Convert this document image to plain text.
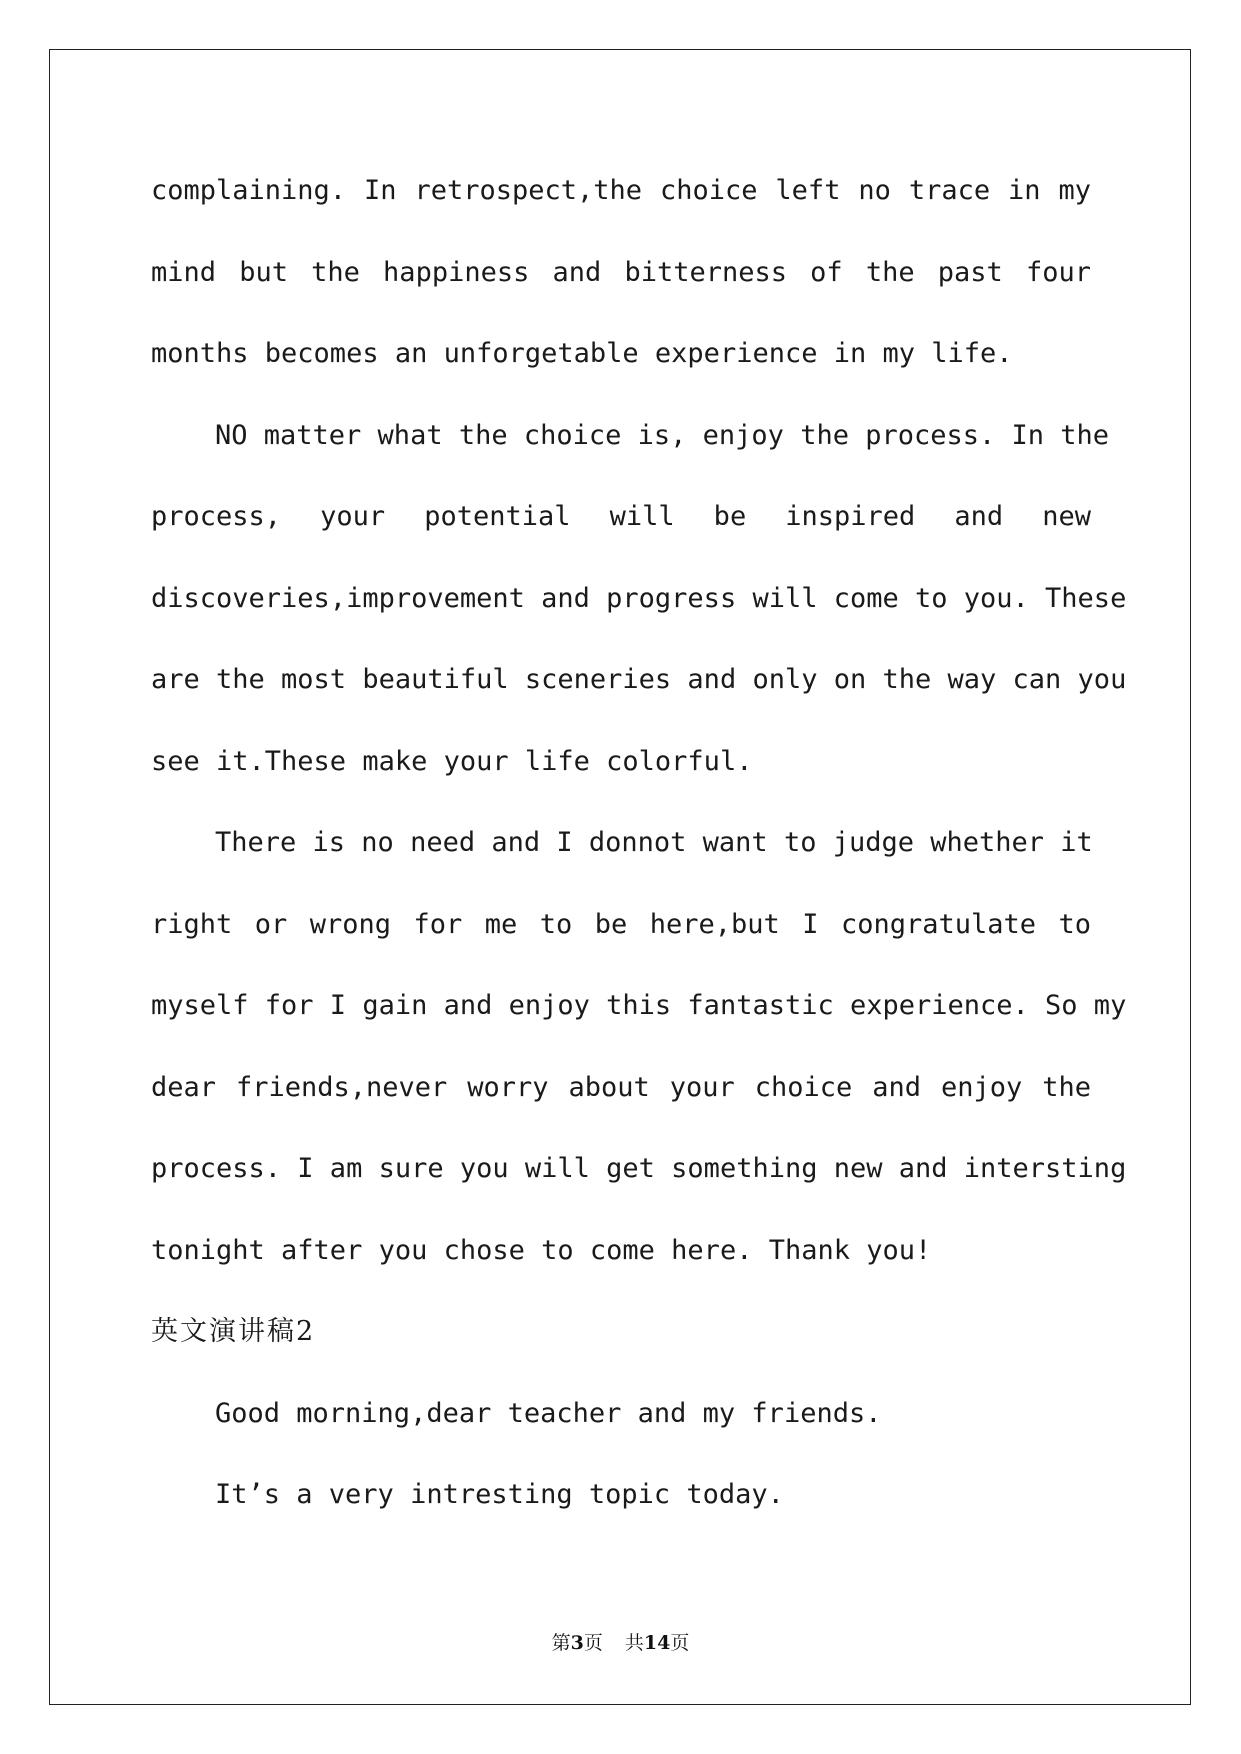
complaining. In retrospect,the choice left no trace in my
mind but the happiness and bitterness of the past four
months becomes an unforgetable experience in my life.
NO matter what the choice is, enjoy the process. In the
process, your potential will be inspired and new
discoveries,improvement and progress will come to you. These
are the most beautiful sceneries and only on the way can you
see it.These make your life colorful.
There is no need and I donnot want to judge whether it
right or wrong for me to be here,but I congratulate to
myself for I gain and enjoy this fantastic experience. So my
dear friends,never worry about your choice and enjoy the
process. I am sure you will get something new and intersting
tonight after you chose to come here. Thank you!
英文演讲稿2
Good morning,dear teacher and my friends.
It’s a very intresting topic today.
第3页 共14页
